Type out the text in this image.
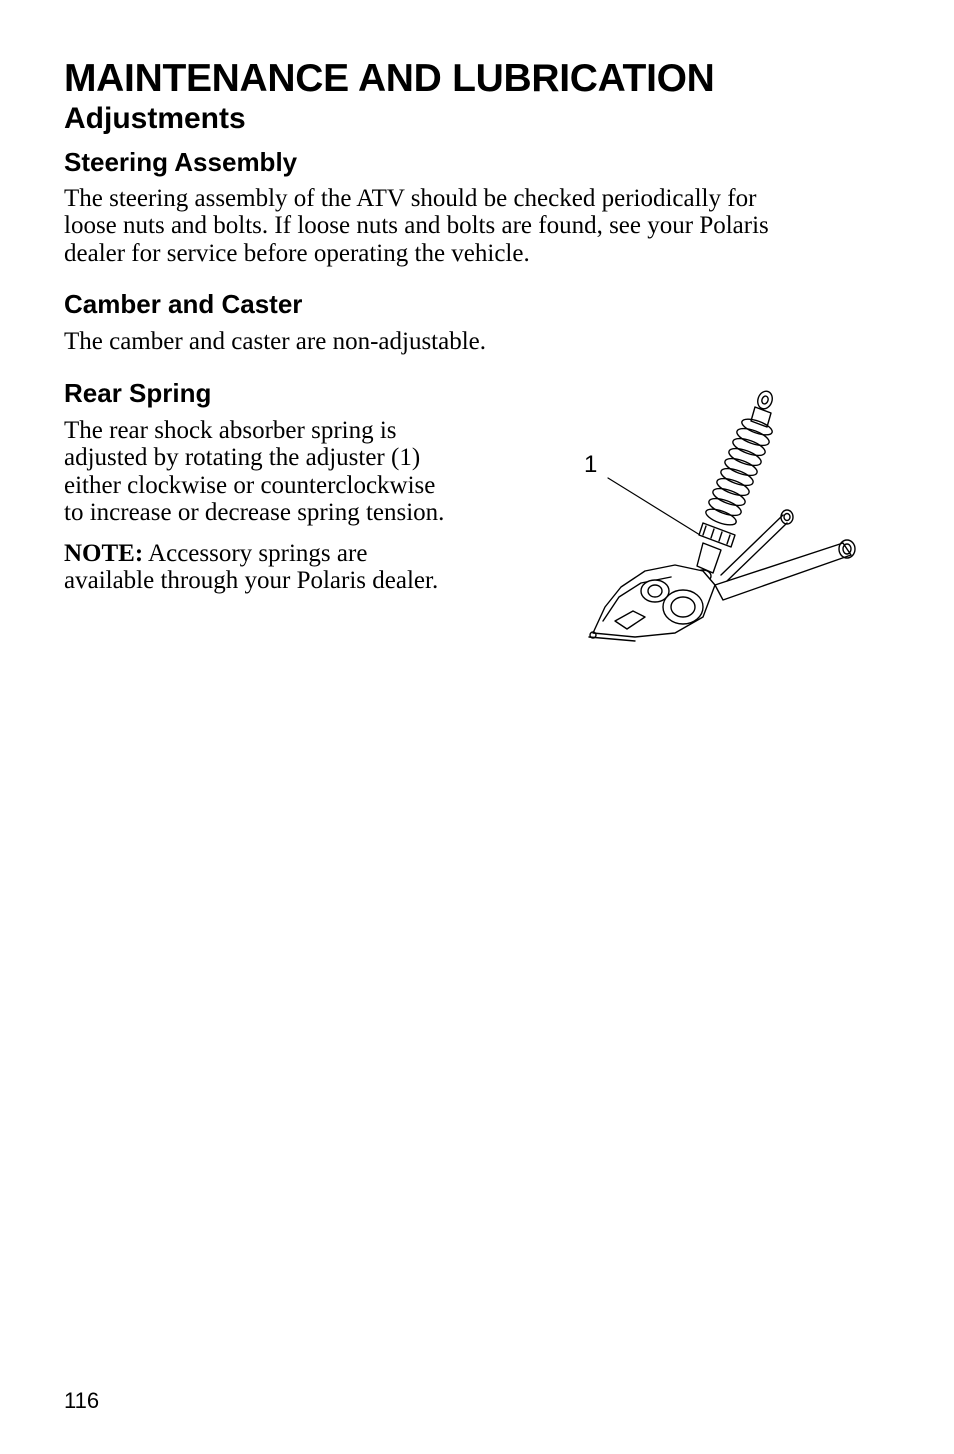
MAINTENANCE AND LUBRICATION
Adjustments
Steering Assembly
The steering assembly of the ATV should be checked periodically for
loose nuts and bolts. If loose nuts and bolts are found, see your Polaris
dealer for service before operating the vehicle.
Camber and Caster
The camber and caster are non-adjustable.
Rear Spring
The rear shock absorber spring is
adjusted by rotating the adjuster (1)
either clockwise or counterclockwise
to increase or decrease spring tension.
NOTE: Accessory springs are
available through your Polaris dealer.
1
116
